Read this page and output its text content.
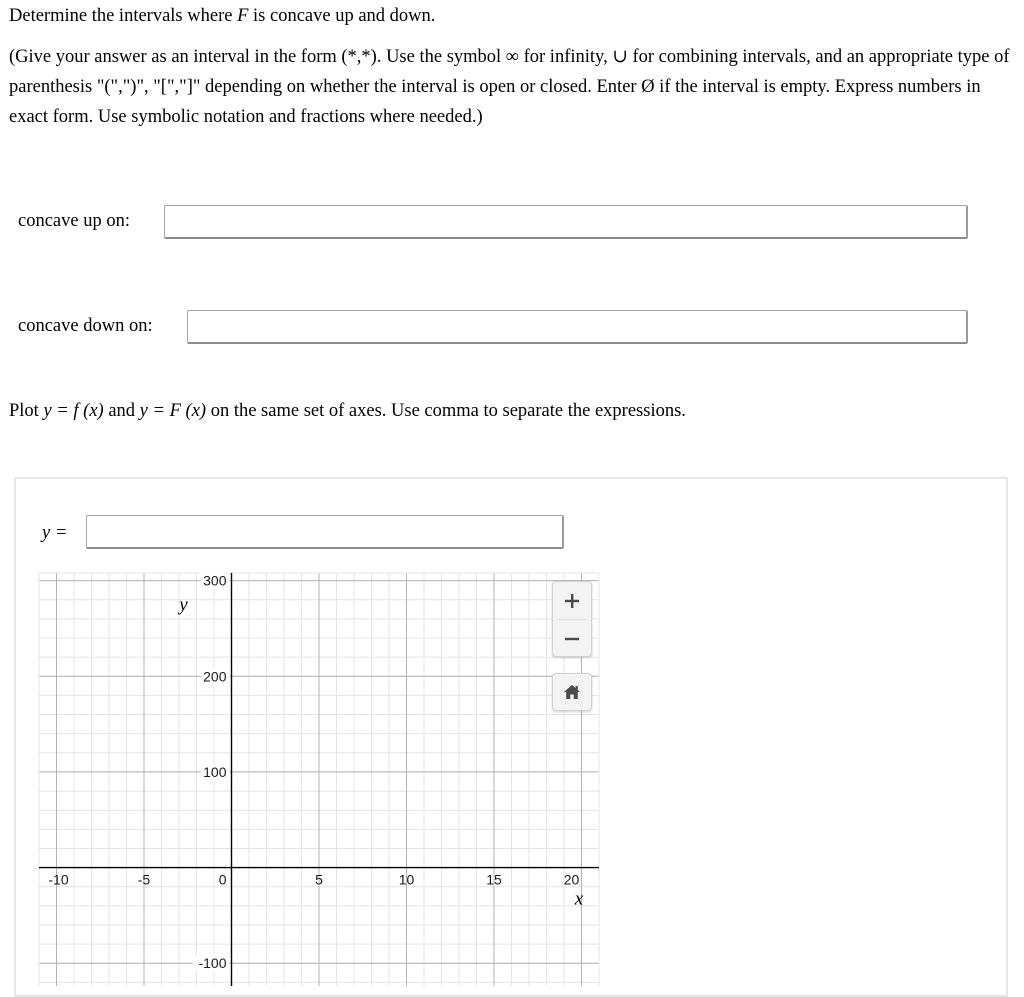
Determine the intervals where F is concave up and down.

(Give your answer as an interval in the form (*,*). Use the symbol ∞ for infinity, ∪ for combining intervals, and an appropriate type of parenthesis "(",")", "[","]" depending on whether the interval is open or closed. Enter Ø if the interval is empty. Express numbers in exact form. Use symbolic notation and fractions where needed.)

concave up on:
concave down on:

Plot y = f (x) and y = F (x) on the same set of axes. Use comma to separate the expressions.

y =
-10	-5	5	10	15	20
300
200
100
0
-100
x
y
